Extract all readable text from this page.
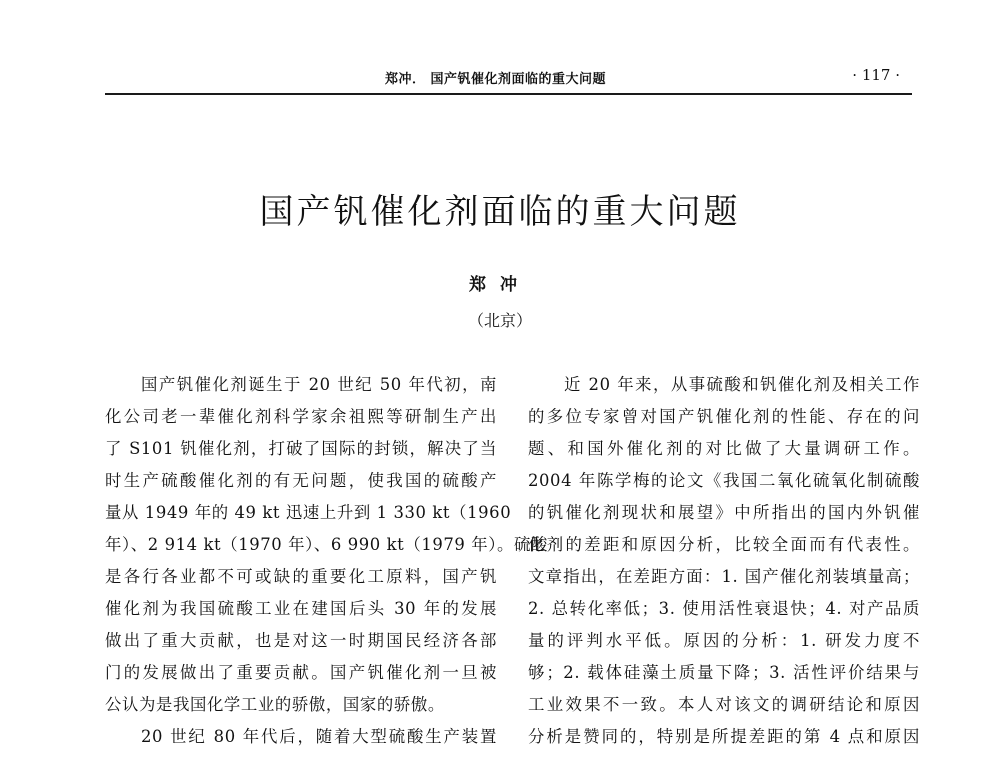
郑冲． 国产钒催化剂面临的重大问题	· 117 ·
国产钒催化剂面临的重大问题
郑冲
（北京）
国产钒催化剂诞生于 20 世纪 50 年代初，南
化公司老一辈催化剂科学家余祖熙等研制生产出
了 S101 钒催化剂，打破了国际的封锁，解决了当
时生产硫酸催化剂的有无问题，使我国的硫酸产
量从 1949 年的 49 kt 迅速上升到 1 330 kt（1960
年）、2 914 kt（1970 年）、6 990 kt（1979 年）。硫酸
是各行各业都不可或缺的重要化工原料，国产钒
催化剂为我国硫酸工业在建国后头 30 年的发展
做出了重大贡献，也是对这一时期国民经济各部
门的发展做出了重要贡献。国产钒催化剂一旦被
公认为是我国化学工业的骄傲，国家的骄傲。
20 世纪 80 年代后，随着大型硫酸生产装置
近 20 年来，从事硫酸和钒催化剂及相关工作
的多位专家曾对国产钒催化剂的性能、存在的问
题、和国外催化剂的对比做了大量调研工作。
2004 年陈学梅的论文《我国二氧化硫氧化制硫酸
的钒催化剂现状和展望》中所指出的国内外钒催
化剂的差距和原因分析，比较全面而有代表性。
文章指出，在差距方面：1. 国产催化剂装填量高；
2. 总转化率低；3. 使用活性衰退快；4. 对产品质
量的评判水平低。原因的分析：1. 研发力度不
够；2. 载体硅藻土质量下降；3. 活性评价结果与
工业效果不一致。本人对该文的调研结论和原因
分析是赞同的，特别是所提差距的第 4 点和原因
